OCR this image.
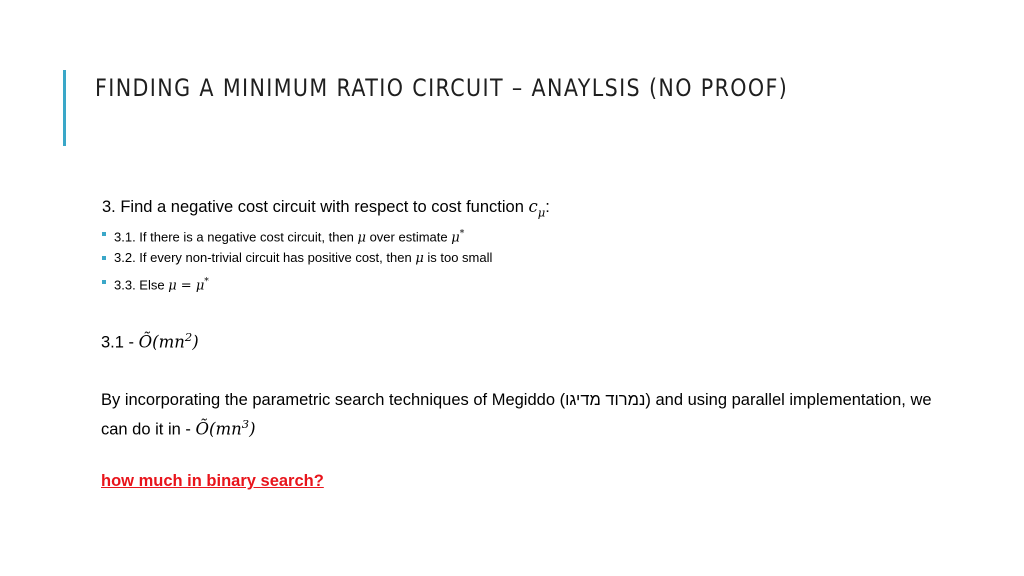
FINDING A MINIMUM RATIO CIRCUIT – ANAYLSIS (NO PROOF)
3. Find a negative cost circuit with respect to cost function $c_\mu$:
3.1. If there is a negative cost circuit, then μ over estimate μ*
3.2. If every non-trivial circuit has positive cost, then μ is too small
3.3. Else μ = μ*
$3.1 - Õ(mn^2)$
By incorporating the parametric search techniques of Megiddo (נמרוד מדיגו) and using parallel implementation, we can do it in - $Õ(mn^3)$
how much in binary search?
